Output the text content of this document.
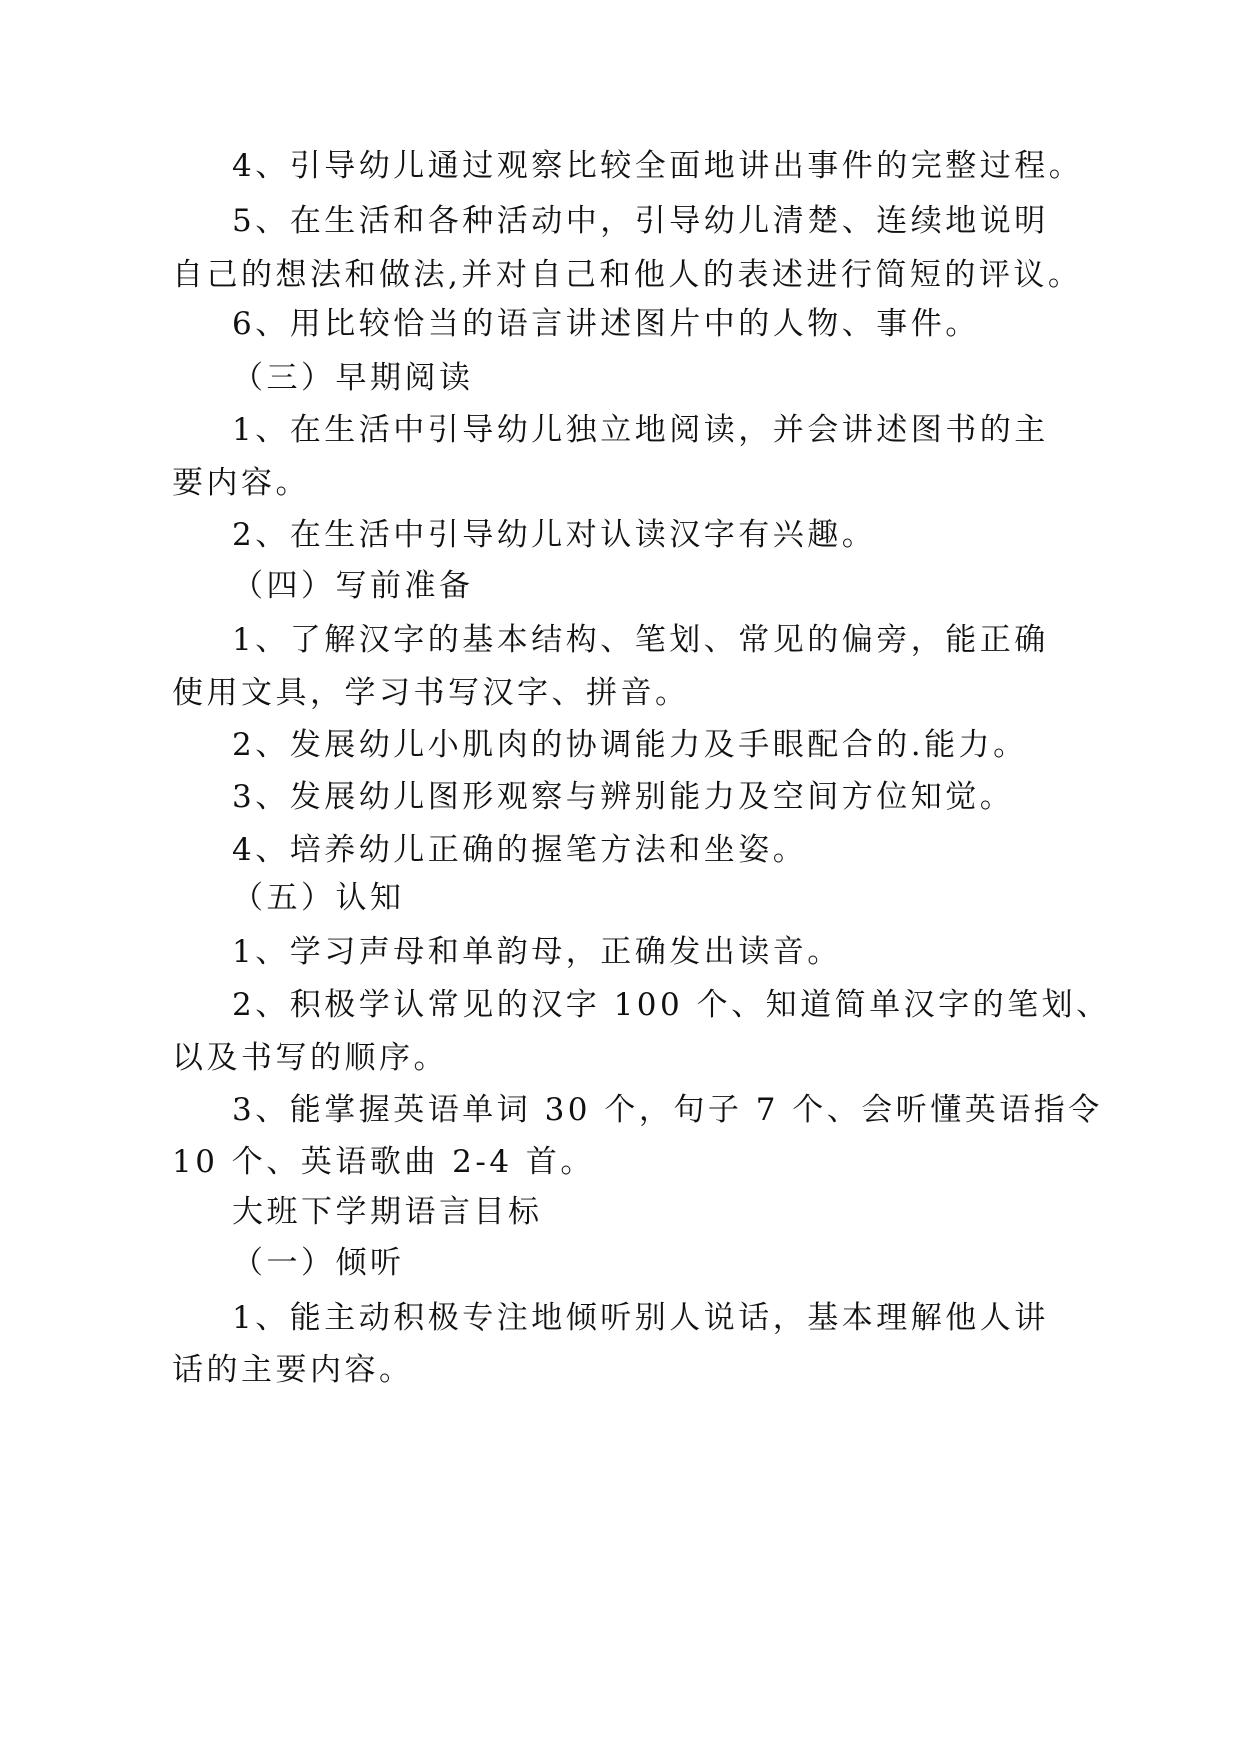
4、引导幼儿通过观察比较全面地讲出事件的完整过程。

5、在生活和各种活动中，引导幼儿清楚、连续地说明

自己的想法和做法,并对自己和他人的表述进行简短的评议。

6、用比较恰当的语言讲述图片中的人物、事件。

（三）早期阅读

1、在生活中引导幼儿独立地阅读，并会讲述图书的主

要内容。

2、在生活中引导幼儿对认读汉字有兴趣。

（四）写前准备

1、了解汉字的基本结构、笔划、常见的偏旁，能正确

使用文具，学习书写汉字、拼音。

2、发展幼儿小肌肉的协调能力及手眼配合的.能力。

3、发展幼儿图形观察与辨别能力及空间方位知觉。

4、培养幼儿正确的握笔方法和坐姿。

（五）认知

1、学习声母和单韵母，正确发出读音。

2、积极学认常见的汉字 100 个、知道简单汉字的笔划、

以及书写的顺序。

3、能掌握英语单词 30 个，句子 7 个、会听懂英语指令

10 个、英语歌曲 2-4 首。

大班下学期语言目标

（一）倾听

1、能主动积极专注地倾听别人说话，基本理解他人讲

话的主要内容。
